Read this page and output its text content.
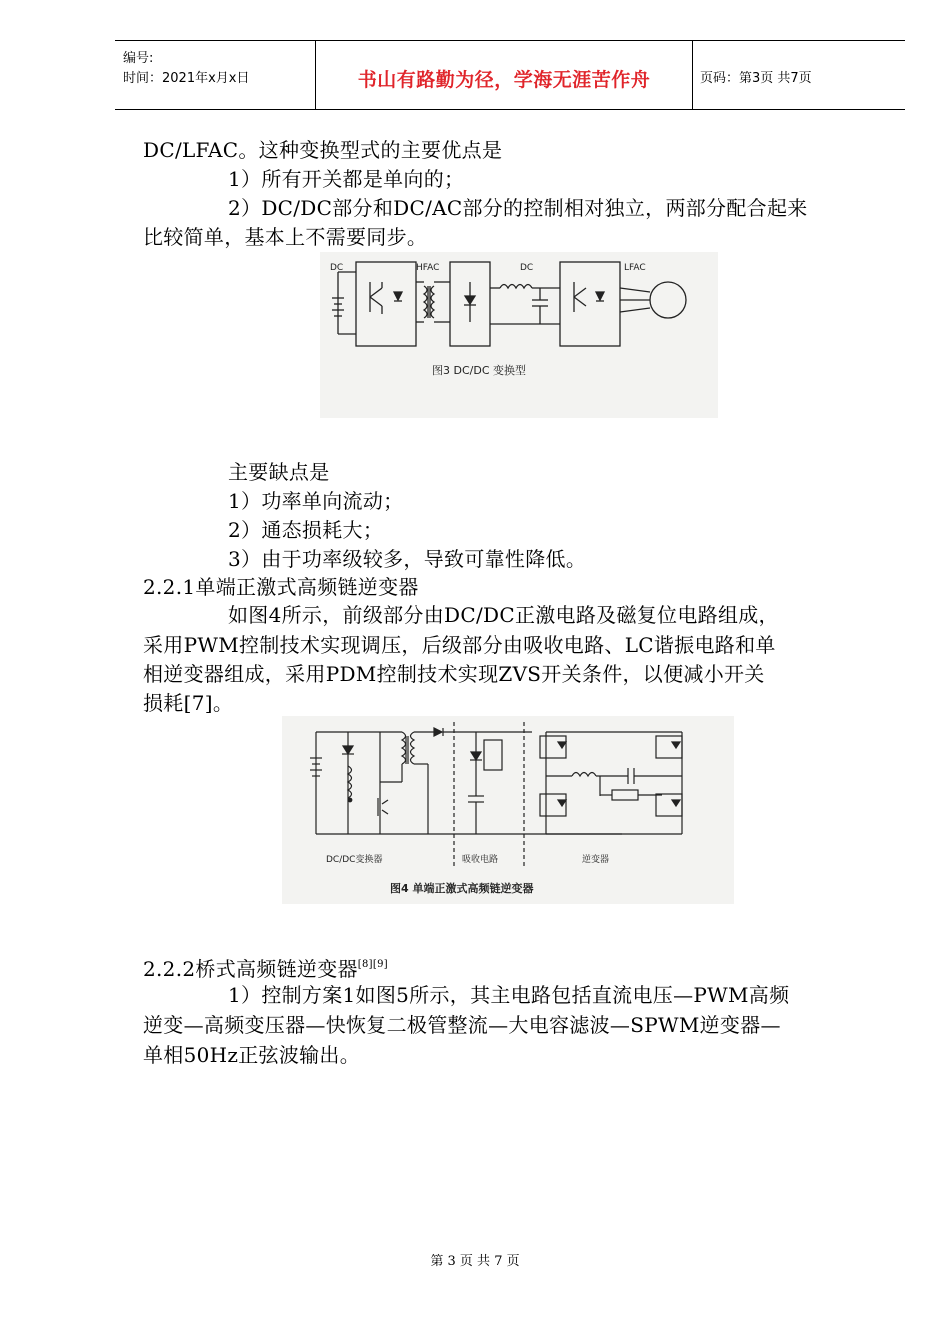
编号:
时间：2021年x月x日	书山有路勤为径，学海无涯苦作舟	页码：第3页 共7页
DC/LFAC。这种变换型式的主要优点是
1）所有开关都是单向的；
2）DC/DC部分和DC/AC部分的控制相对独立，两部分配合起来
比较简单，基本上不需要同步。
DC	HFAC	DC	LFAC
图3 DC/DC 变换型
主要缺点是
1）功率单向流动；
2）通态损耗大；
3）由于功率级较多，导致可靠性降低。
2.2.1单端正激式高频链逆变器
如图4所示，前级部分由DC/DC正激电路及磁复位电路组成，
采用PWM控制技术实现调压，后级部分由吸收电路、LC谐振电路和单
相逆变器组成，采用PDM控制技术实现ZVS开关条件，以便减小开关
损耗[7]。
DC/DC变换器	吸收电路	逆变器
图4 单端正激式高频链逆变器
2.2.2桥式高频链逆变器[8][9]
1）控制方案1如图5所示，其主电路包括直流电压—PWM高频
逆变—高频变压器—快恢复二极管整流—大电容滤波—SPWM逆变器—
单相50Hz正弦波输出。
第 3 页 共 7 页
